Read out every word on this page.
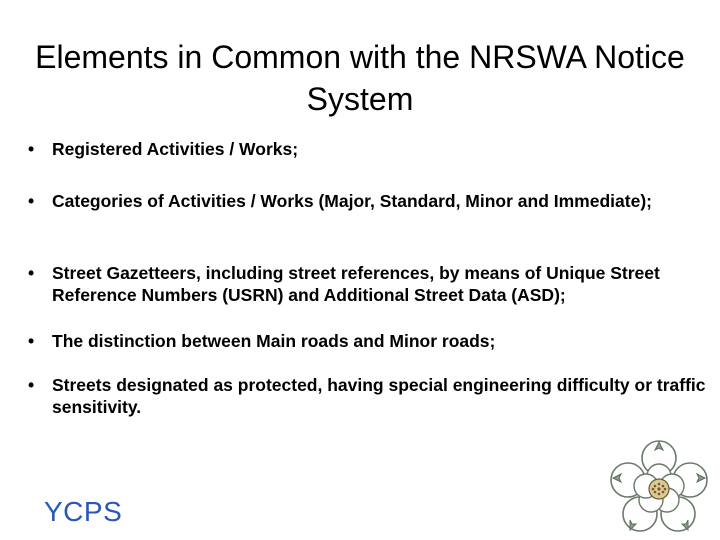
Elements in Common with the NRSWA Notice System
• Registered Activities / Works;
• Categories of Activities / Works (Major, Standard, Minor and Immediate);
• Street Gazetteers, including street references, by means of Unique Street Reference Numbers (USRN) and Additional Street Data (ASD);
• The distinction between Main roads and Minor roads;
• Streets designated as protected, having special engineering difficulty or traffic sensitivity.
YCPS
